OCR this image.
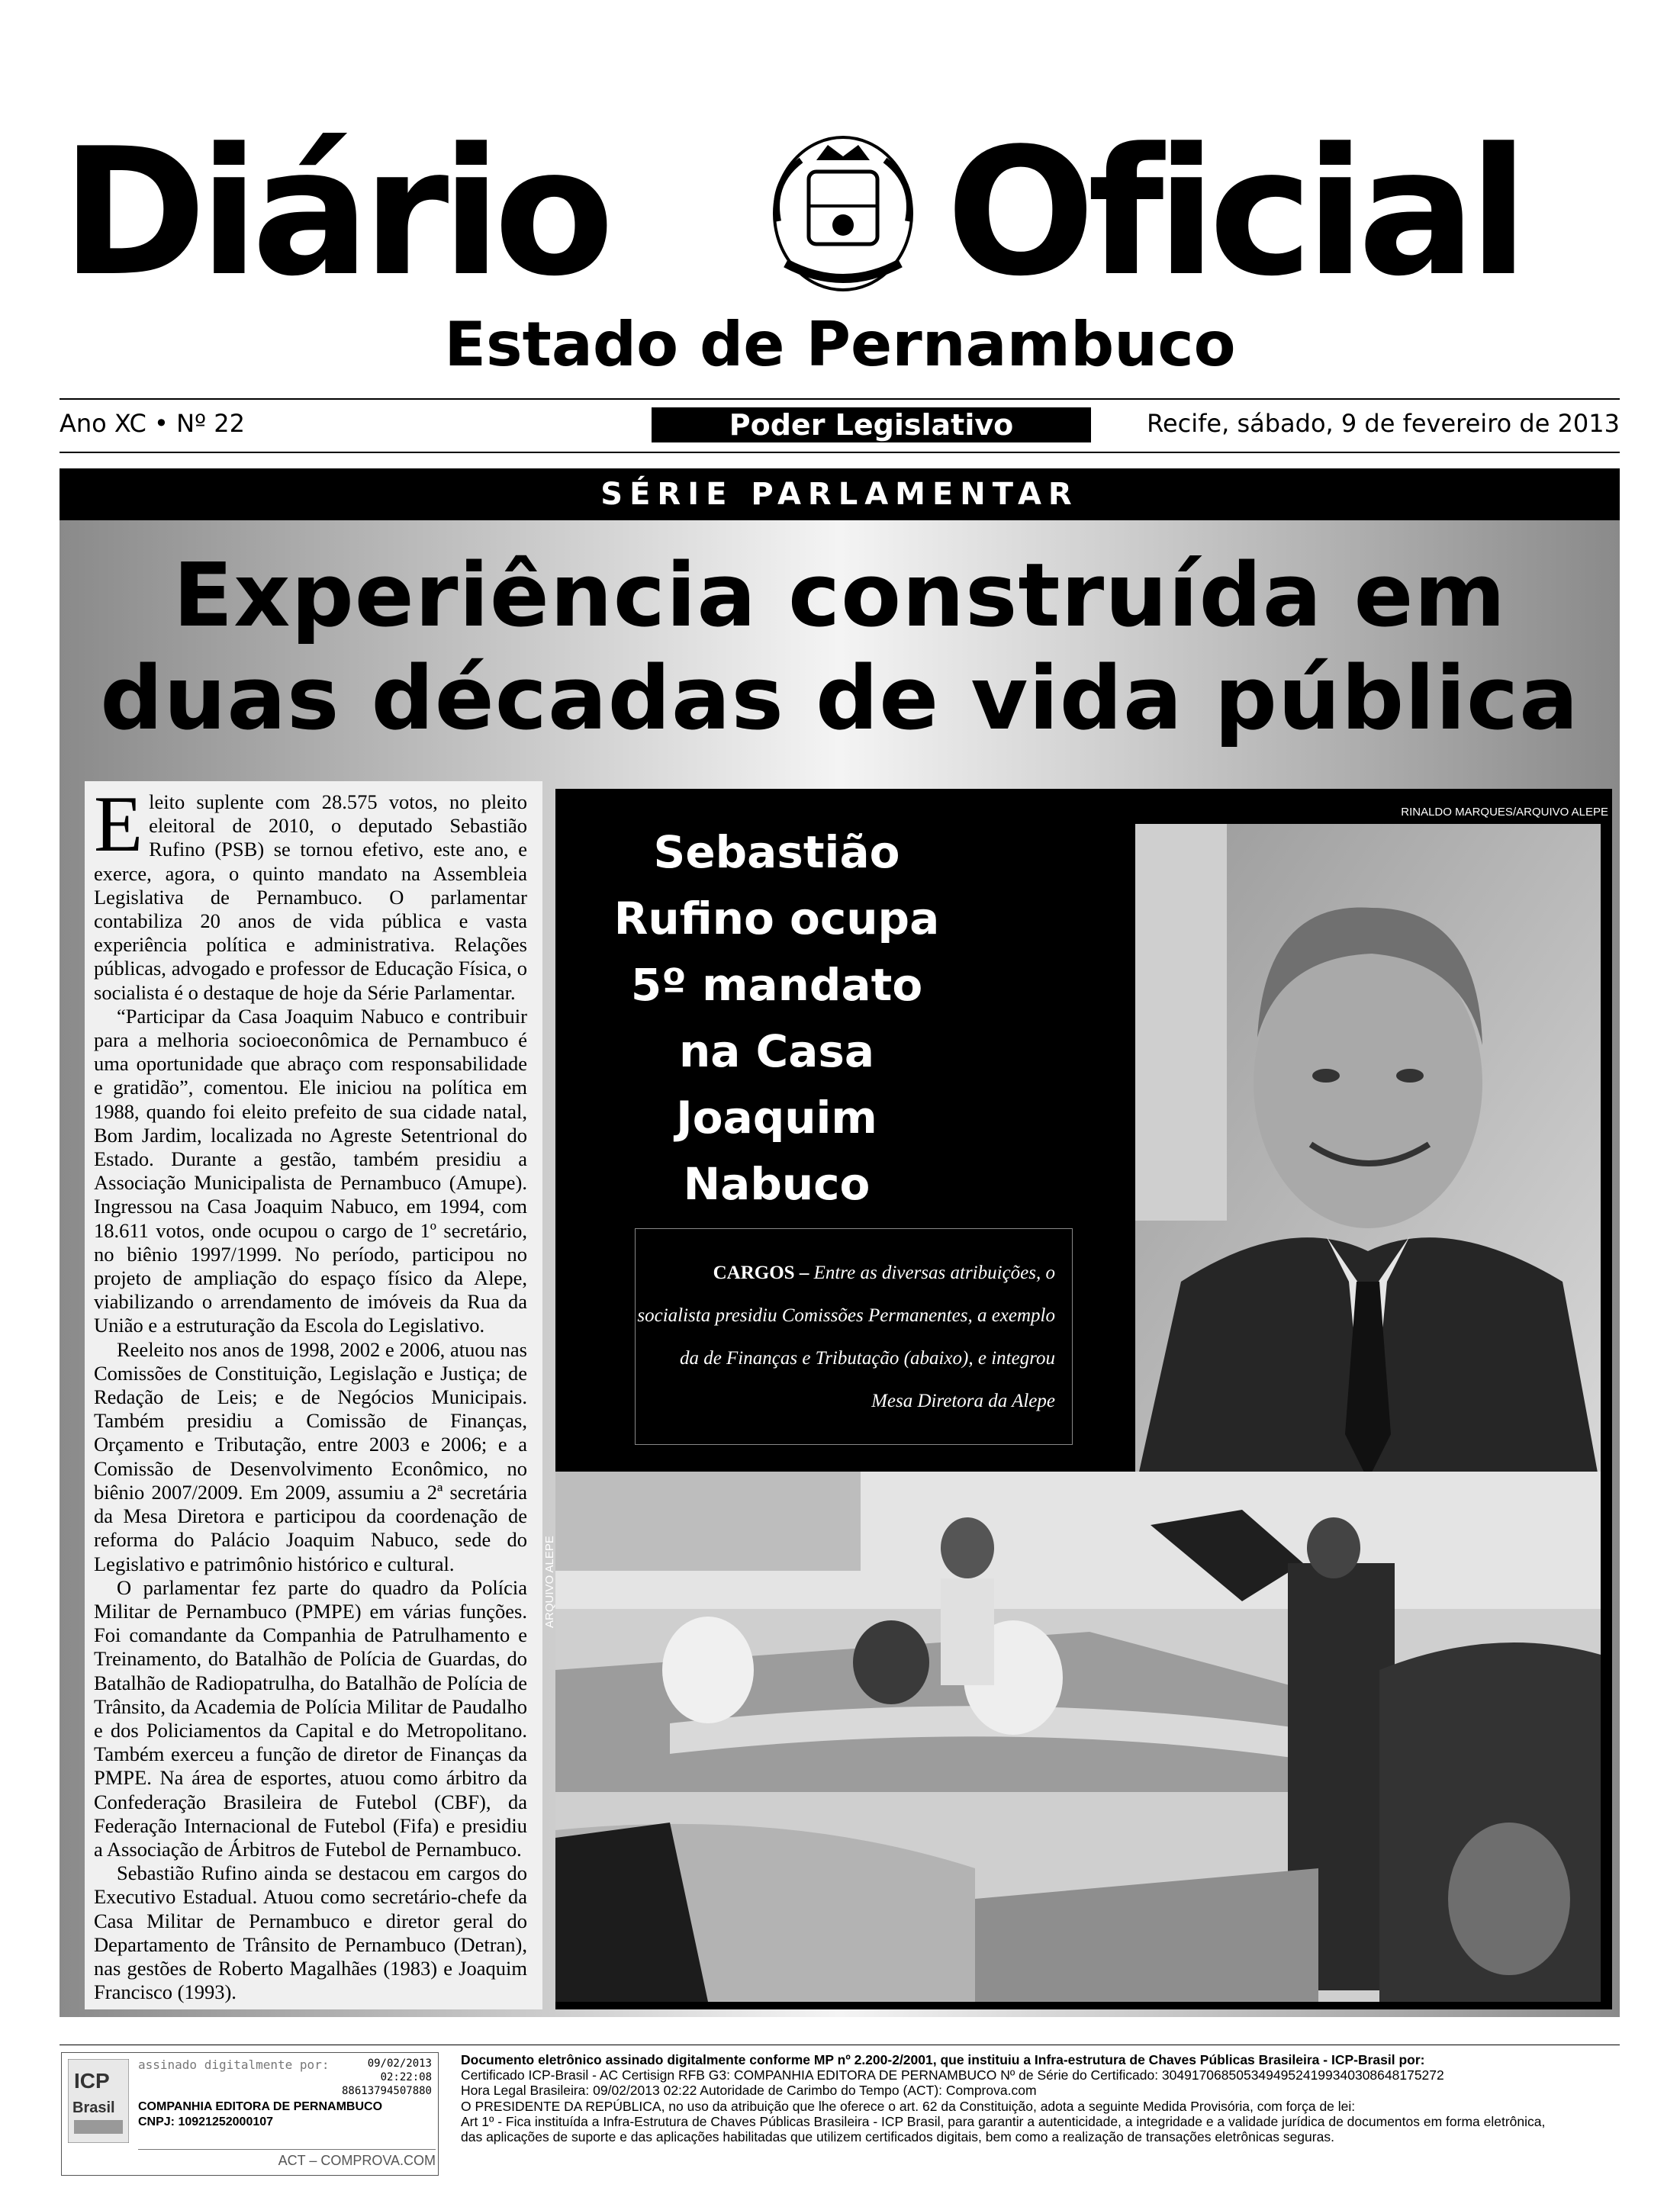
Diário Oficial
Estado de Pernambuco
Ano XC • Nº 22	Poder Legislativo	Recife, sábado, 9 de fevereiro de 2013
SÉRIE PARLAMENTAR
Experiência construída em
duas décadas de vida pública

Eleito suplente com 28.575 votos, no pleito eleitoral de 2010, o deputado Sebastião Rufino (PSB) se tornou efetivo, este ano, e exerce, agora, o quinto mandato na Assembleia Legislativa de Pernambuco. O parlamentar contabiliza 20 anos de vida pública e vasta experiência política e administrativa. Relações públicas, advogado e professor de Educação Física, o socialista é o destaque de hoje da Série Parlamentar.

“Participar da Casa Joaquim Nabuco e contribuir para a melhoria socioeconômica de Pernambuco é uma oportunidade que abraço com responsabilidade e gratidão”, comentou. Ele iniciou na política em 1988, quando foi eleito prefeito de sua cidade natal, Bom Jardim, localizada no Agreste Setentrional do Estado. Durante a gestão, também presidiu a Associação Municipalista de Pernambuco (Amupe). Ingressou na Casa Joaquim Nabuco, em 1994, com 18.611 votos, onde ocupou o cargo de 1º secretário, no biênio 1997/1999. No período, participou no projeto de ampliação do espaço físico da Alepe, viabilizando o arrendamento de imóveis da Rua da União e a estruturação da Escola do Legislativo.

Reeleito nos anos de 1998, 2002 e 2006, atuou nas Comissões de Constituição, Legislação e Justiça; de Redação de Leis; e de Negócios Municipais. Também presidiu a Comissão de Finanças, Orçamento e Tributação, entre 2003 e 2006; e a Comissão de Desenvolvimento Econômico, no biênio 2007/2009. Em 2009, assumiu a 2ª secretária da Mesa Diretora e participou da coordenação de reforma do Palácio Joaquim Nabuco, sede do Legislativo e patrimônio histórico e cultural.

O parlamentar fez parte do quadro da Polícia Militar de Pernambuco (PMPE) em várias funções. Foi comandante da Companhia de Patrulhamento e Treinamento, do Batalhão de Polícia de Guardas, do Batalhão de Radiopatrulha, do Batalhão de Polícia de Trânsito, da Academia de Polícia Militar de Paudalho e dos Policiamentos da Capital e do Metropolitano. Também exerceu a função de diretor de Finanças da PMPE. Na área de esportes, atuou como árbitro da Confederação Brasileira de Futebol (CBF), da Federação Internacional de Futebol (Fifa) e presidiu a Associação de Árbitros de Futebol de Pernambuco.

Sebastião Rufino ainda se destacou em cargos do Executivo Estadual. Atuou como secretário-chefe da Casa Militar de Pernambuco e diretor geral do Departamento de Trânsito de Pernambuco (Detran), nas gestões de Roberto Magalhães (1983) e Joaquim Francisco (1993).

Sebastião
Rufino ocupa
5º mandato
na Casa
Joaquim
Nabuco
RINALDO MARQUES/ARQUIVO ALEPE
CARGOS – Entre as diversas atribuições, o socialista presidiu Comissões Permanentes, a exemplo da de Finanças e Tributação (abaixo), e integrou Mesa Diretora da Alepe
ARQUIVO ALEPE
ICP
Brasil
assinado digitalmente por:	09/02/2013
02:22:08
88613794507880
COMPANHIA EDITORA DE PERNAMBUCO
CNPJ: 10921252000107
ACT – COMPROVA.COM
Documento eletrônico assinado digitalmente conforme MP nº 2.200-2/2001, que instituiu a Infra-estrutura de Chaves Públicas Brasileira - ICP-Brasil por:
Certificado ICP-Brasil - AC Certisign RFB G3: COMPANHIA EDITORA DE PERNAMBUCO Nº de Série do Certificado: 30491706850534949524199340308648175272
Hora Legal Brasileira: 09/02/2013 02:22 Autoridade de Carimbo do Tempo (ACT): Comprova.com
O PRESIDENTE DA REPÚBLICA, no uso da atribuição que lhe oferece o art. 62 da Constituição, adota a seguinte Medida Provisória, com força de lei:
Art 1º - Fica instituída a Infra-Estrutura de Chaves Públicas Brasileira - ICP Brasil, para garantir a autenticidade, a integridade e a validade jurídica de documentos em forma eletrônica,
das aplicações de suporte e das aplicações habilitadas que utilizem certificados digitais, bem como a realização de transações eletrônicas seguras.
